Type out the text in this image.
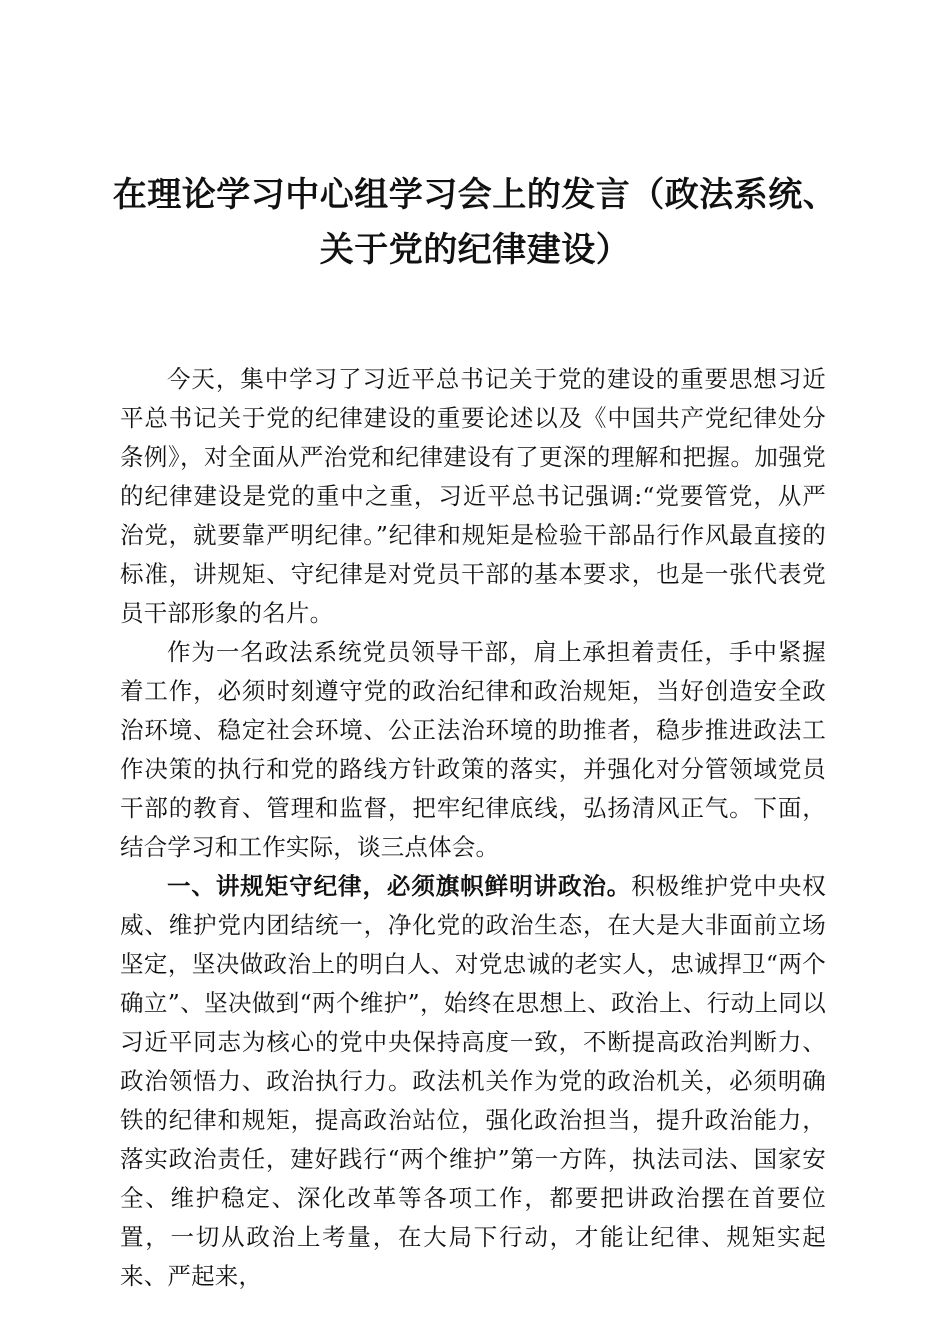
在理论学习中心组学习会上的发言（政法系统、
关于党的纪律建设）

今天，集中学习了习近平总书记关于党的建设的重要思想习近平总书记关于党的纪律建设的重要论述以及《中国共产党纪律处分条例》，对全面从严治党和纪律建设有了更深的理解和把握。加强党的纪律建设是党的重中之重，习近平总书记强调:“党要管党，从严治党，就要靠严明纪律。”纪律和规矩是检验干部品行作风最直接的标准，讲规矩、守纪律是对党员干部的基本要求，也是一张代表党员干部形象的名片。

作为一名政法系统党员领导干部，肩上承担着责任，手中紧握着工作，必须时刻遵守党的政治纪律和政治规矩，当好创造安全政治环境、稳定社会环境、公正法治环境的助推者，稳步推进政法工作决策的执行和党的路线方针政策的落实，并强化对分管领域党员干部的教育、管理和监督，把牢纪律底线，弘扬清风正气。下面，结合学习和工作实际，谈三点体会。

一、讲规矩守纪律，必须旗帜鲜明讲政治。积极维护党中央权威、维护党内团结统一，净化党的政治生态，在大是大非面前立场坚定，坚决做政治上的明白人、对党忠诚的老实人，忠诚捍卫“两个确立”、坚决做到“两个维护”，始终在思想上、政治上、行动上同以习近平同志为核心的党中央保持高度一致，不断提高政治判断力、政治领悟力、政治执行力。政法机关作为党的政治机关，必须明确铁的纪律和规矩，提高政治站位，强化政治担当，提升政治能力，落实政治责任，建好践行“两个维护”第一方阵，执法司法、国家安全、维护稳定、深化改革等各项工作，都要把讲政治摆在首要位置，一切从政治上考量，在大局下行动，才能让纪律、规矩实起来、严起来，
